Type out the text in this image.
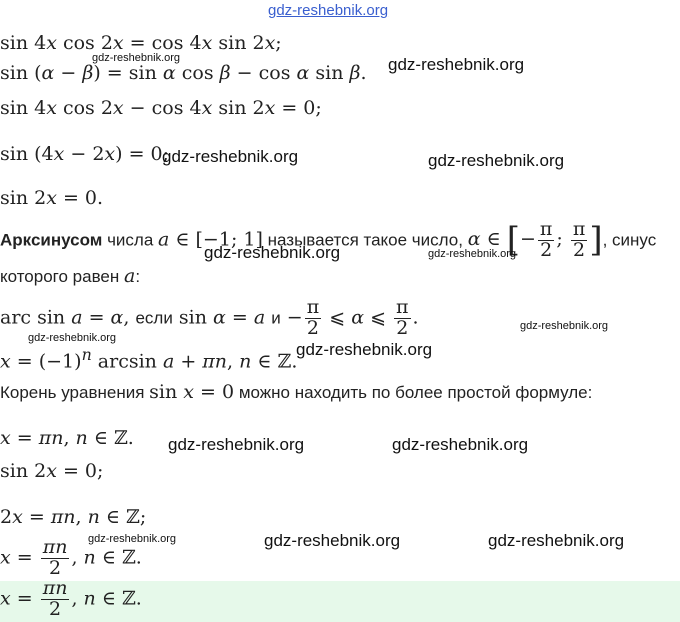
gdz-reshebnik.org
sin 4x cos 2x = cos 4x sin 2x;
sin (α − β) = sin α cos β − cos α sin β.
gdz-reshebnik.org	gdz-reshebnik.org
sin 4x cos 2x − cos 4x sin 2x = 0;
sin (4x − 2x) = 0;
gdz-reshebnik.org	gdz-reshebnik.org
sin 2x = 0.
Арксинусом числа a ∈ [−1; 1] называется такое число, α ∈ [− $\frac{\pi}{2}$ ; $\frac{\pi}{2}$ ], синус
которого равен a:
gdz-reshebnik.org	gdz-reshebnik.org
arc sin a = α, если sin α = a $и - \frac{\pi}{2}$ ⩽ α ⩽ $\frac{\pi}{2}$ .	gdz-reshebnik.org
gdz-reshebnik.org
$x = (-1)^n$ arcsin a + πn, n ∈ ℤ.
gdz-reshebnik.org
Корень уравнения sin x = 0 можно находить по более простой формуле:
x = πn, n ∈ ℤ. gdz-reshebnik.org	gdz-reshebnik.org
sin 2x = 0;
2x = πn, n ∈ ℤ;
gdz-reshebnik.org	gdz-reshebnik.org	gdz-reshebnik.org
$x = \frac{\pi n}{2}$ , n ∈ ℤ.
$x = \frac{\pi n}{2}$ , n ∈ ℤ.
